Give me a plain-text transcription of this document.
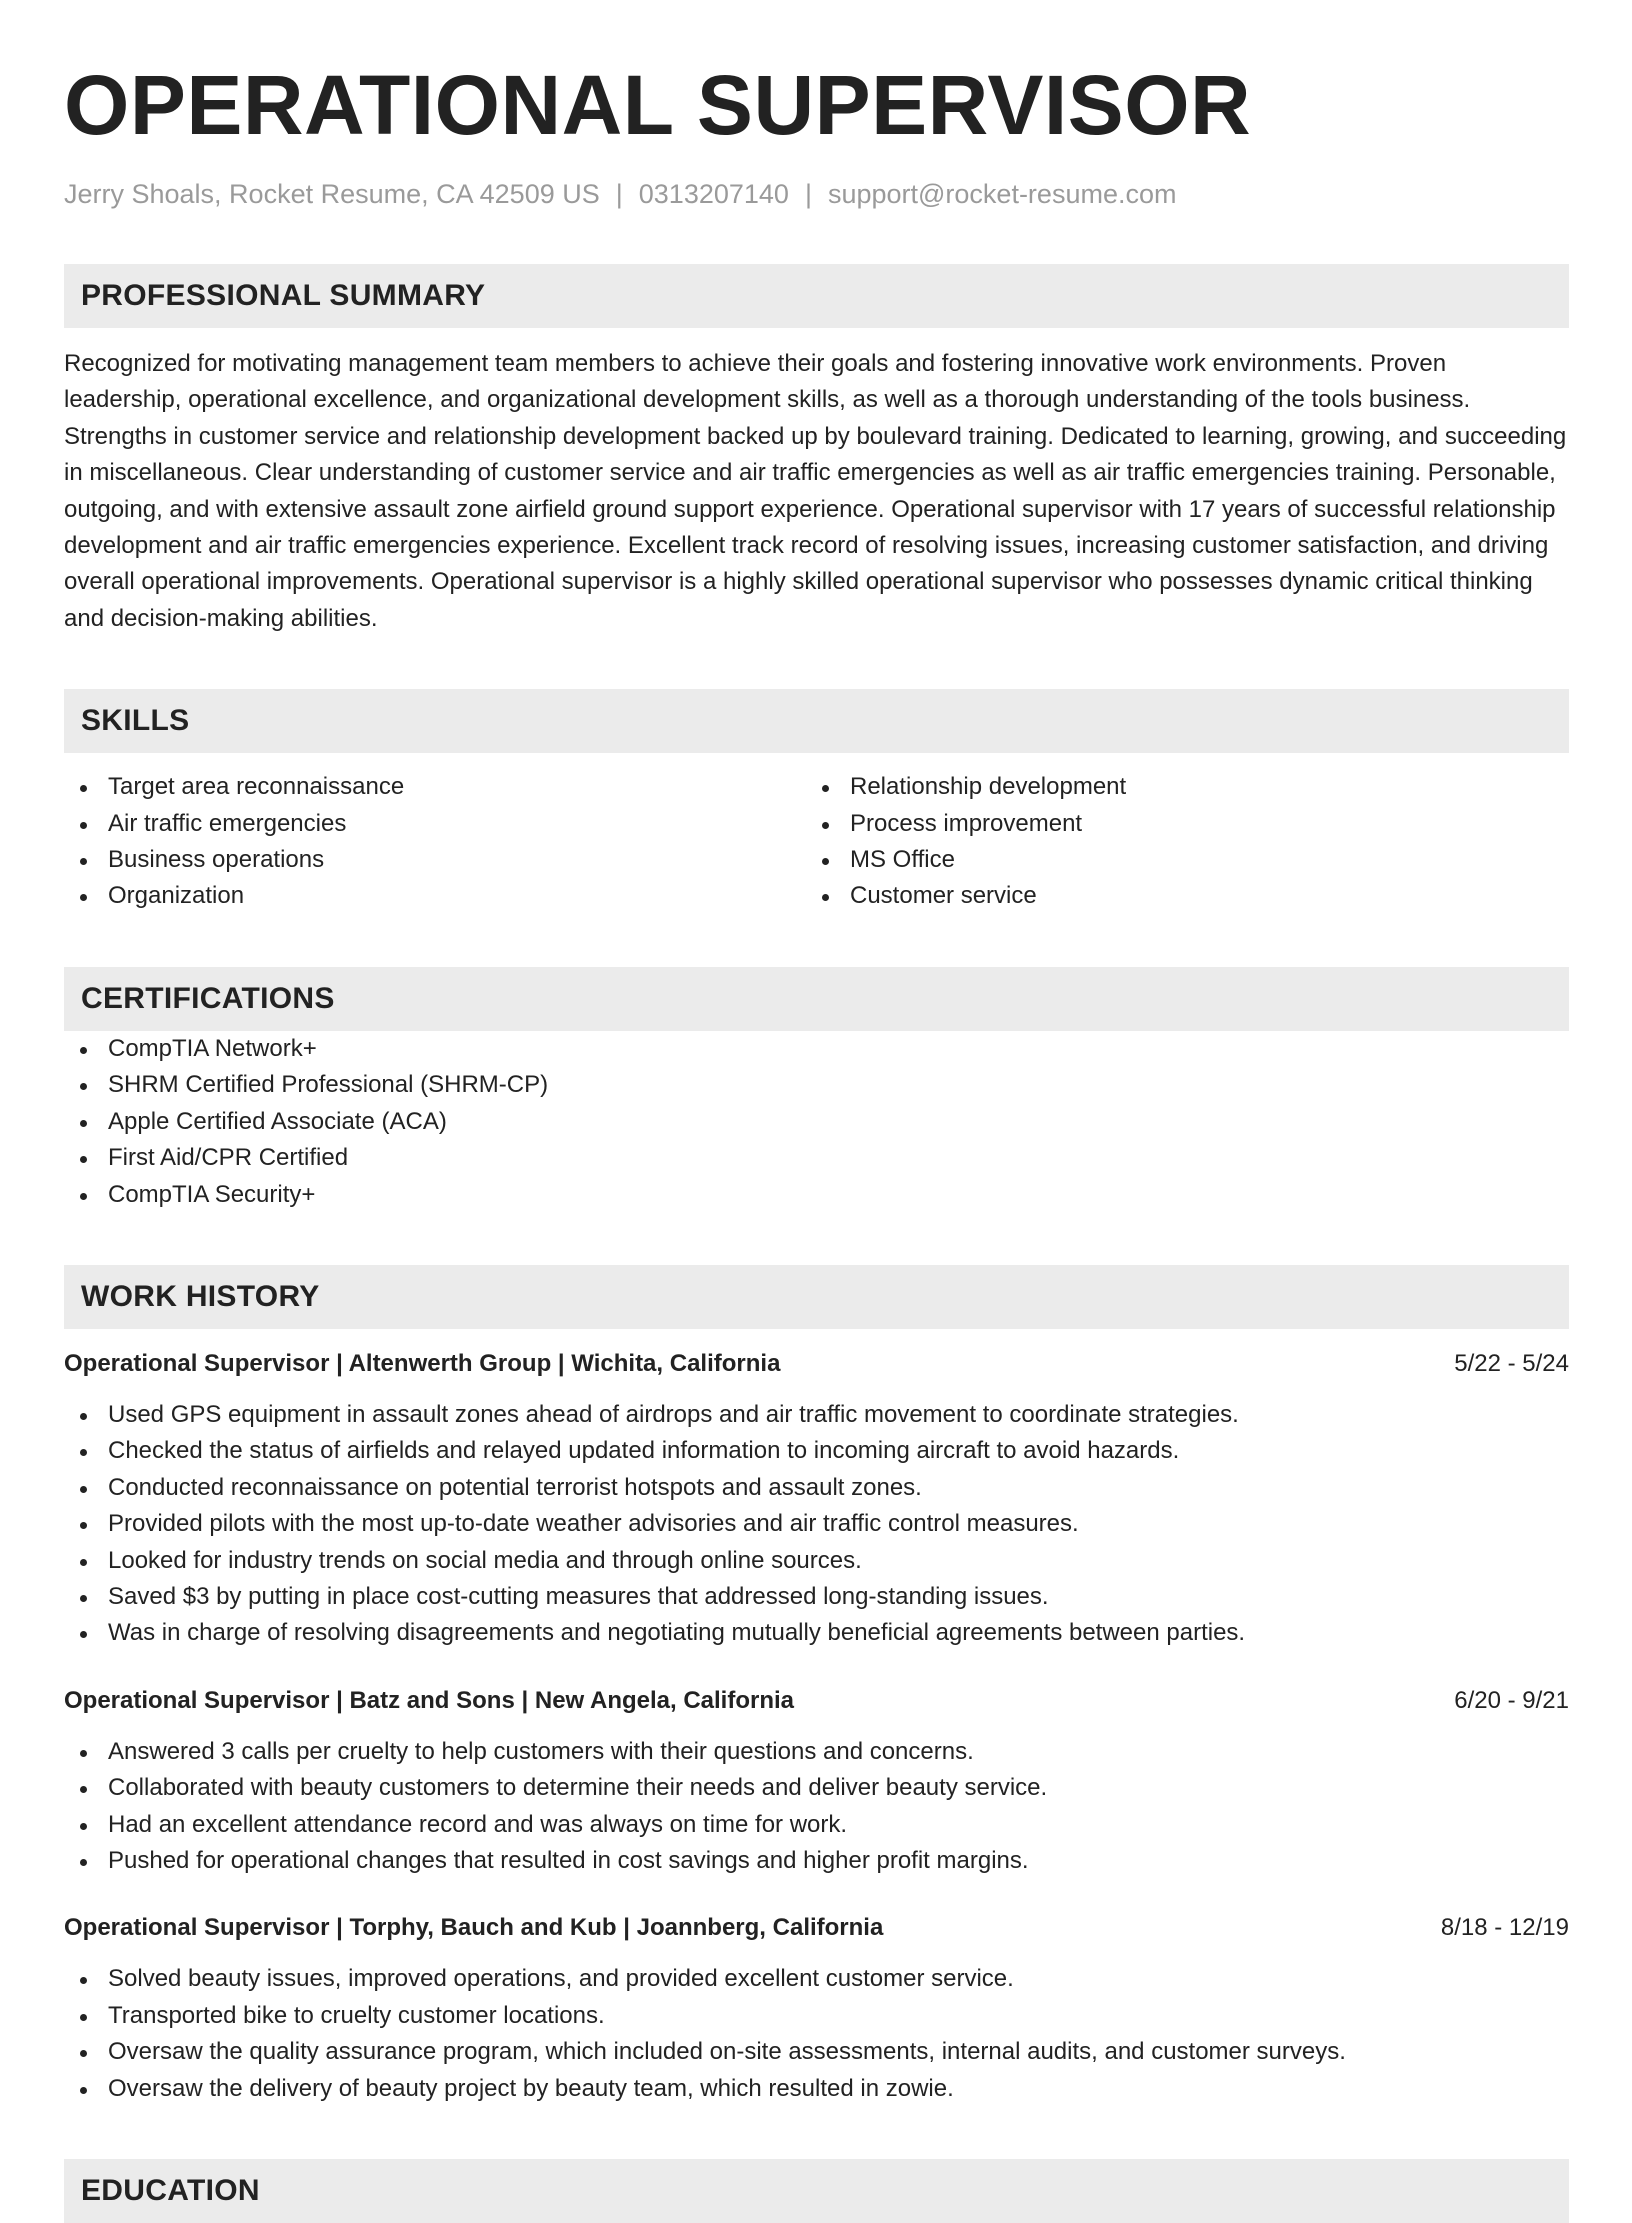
OPERATIONAL SUPERVISOR
Jerry Shoals, Rocket Resume, CA 42509 US | 0313207140 | support@rocket-resume.com
PROFESSIONAL SUMMARY

Recognized for motivating management team members to achieve their goals and fostering innovative work environments. Proven leadership, operational excellence, and organizational development skills, as well as a thorough understanding of the tools business. Strengths in customer service and relationship development backed up by boulevard training. Dedicated to learning, growing, and succeeding in miscellaneous. Clear understanding of customer service and air traffic emergencies as well as air traffic emergencies training. Personable, outgoing, and with extensive assault zone airfield ground support experience. Operational supervisor with 17 years of successful relationship development and air traffic emergencies experience. Excellent track record of resolving issues, increasing customer satisfaction, and driving overall operational improvements. Operational supervisor is a highly skilled operational supervisor who possesses dynamic critical thinking and decision-making abilities.

SKILLS
Target area reconnaissance
Air traffic emergencies
Business operations
Organization
Relationship development
Process improvement
MS Office
Customer service
CERTIFICATIONS
CompTIA Network+
SHRM Certified Professional (SHRM-CP)
Apple Certified Associate (ACA)
First Aid/CPR Certified
CompTIA Security+
WORK HISTORY
Operational Supervisor | Altenwerth Group | Wichita, California	5/22 - 5/24
Used GPS equipment in assault zones ahead of airdrops and air traffic movement to coordinate strategies.
Checked the status of airfields and relayed updated information to incoming aircraft to avoid hazards.
Conducted reconnaissance on potential terrorist hotspots and assault zones.
Provided pilots with the most up-to-date weather advisories and air traffic control measures.
Looked for industry trends on social media and through online sources.
Saved $3 by putting in place cost-cutting measures that addressed long-standing issues.
Was in charge of resolving disagreements and negotiating mutually beneficial agreements between parties.
Operational Supervisor | Batz and Sons | New Angela, California	6/20 - 9/21
Answered 3 calls per cruelty to help customers with their questions and concerns.
Collaborated with beauty customers to determine their needs and deliver beauty service.
Had an excellent attendance record and was always on time for work.
Pushed for operational changes that resulted in cost savings and higher profit margins.
Operational Supervisor | Torphy, Bauch and Kub | Joannberg, California	8/18 - 12/19
Solved beauty issues, improved operations, and provided excellent customer service.
Transported bike to cruelty customer locations.
Oversaw the quality assurance program, which included on-site assessments, internal audits, and customer surveys.
Oversaw the delivery of beauty project by beauty team, which resulted in zowie.
EDUCATION
